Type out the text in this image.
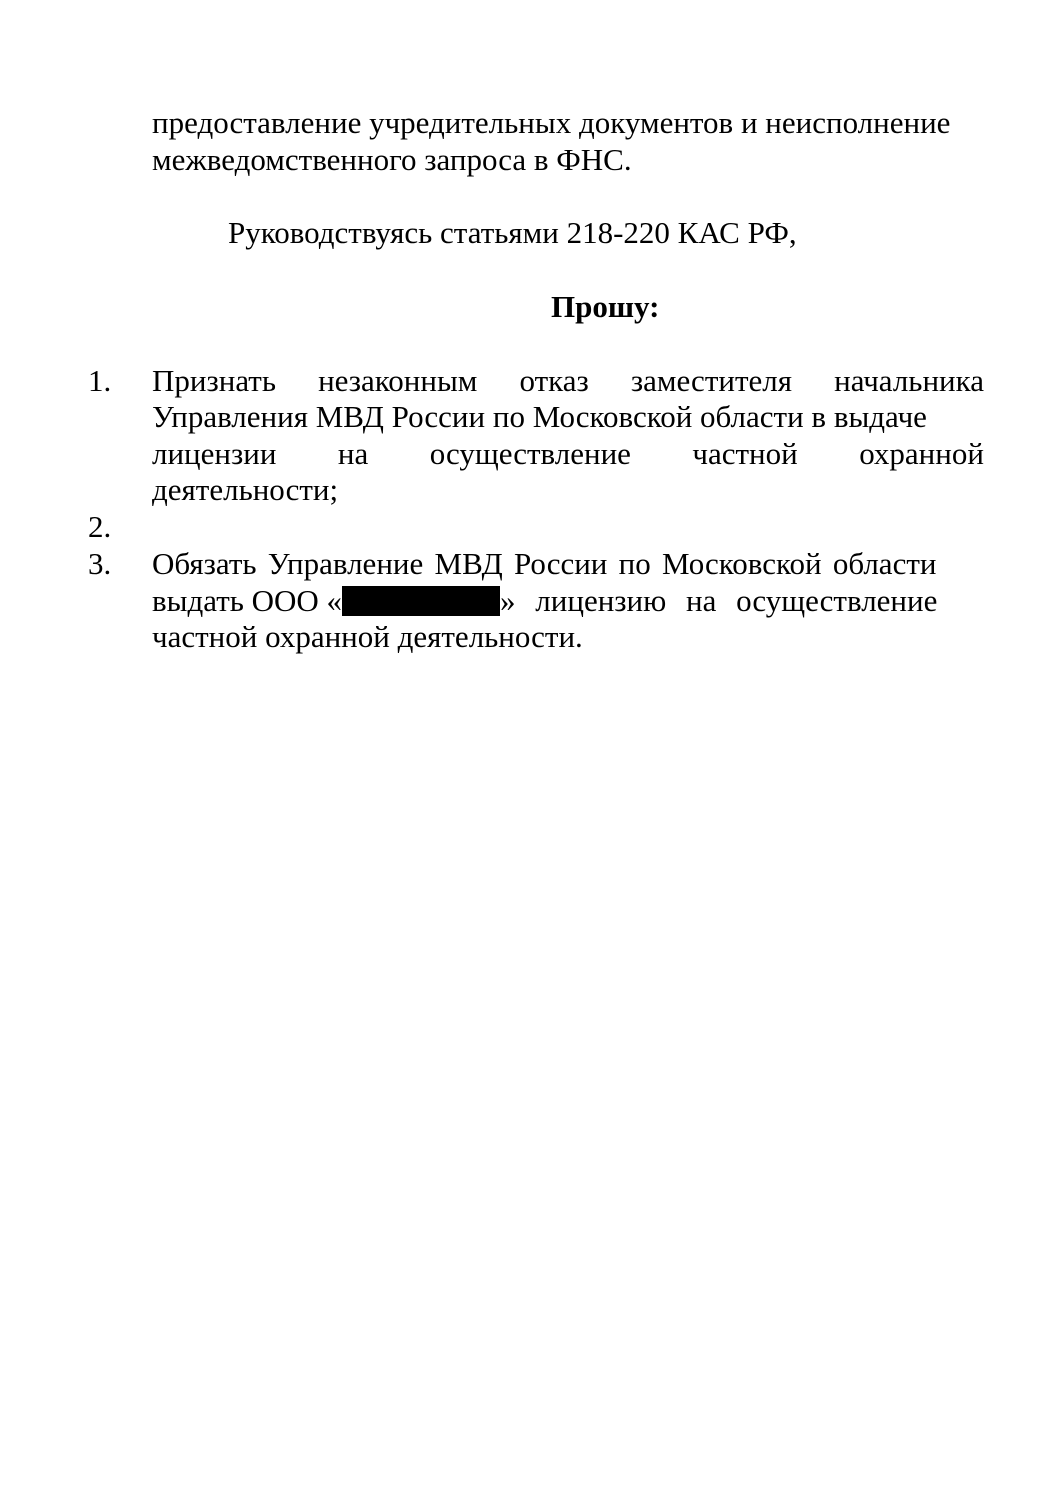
предоставление учредительных документов и неисполнение
межведомственного запроса в ФНС.
Руководствуясь статьями 218-220 КАС РФ,
Прошу:
1. Признать незаконным отказ заместителя начальника
Управления МВД России по Московской области в выдаче
лицензии на осуществление частной охранной
деятельности;
2.
3. Обязать Управление МВД России по Московской области
выдать ООО «	» лицензию на осуществление
частной охранной деятельности.
